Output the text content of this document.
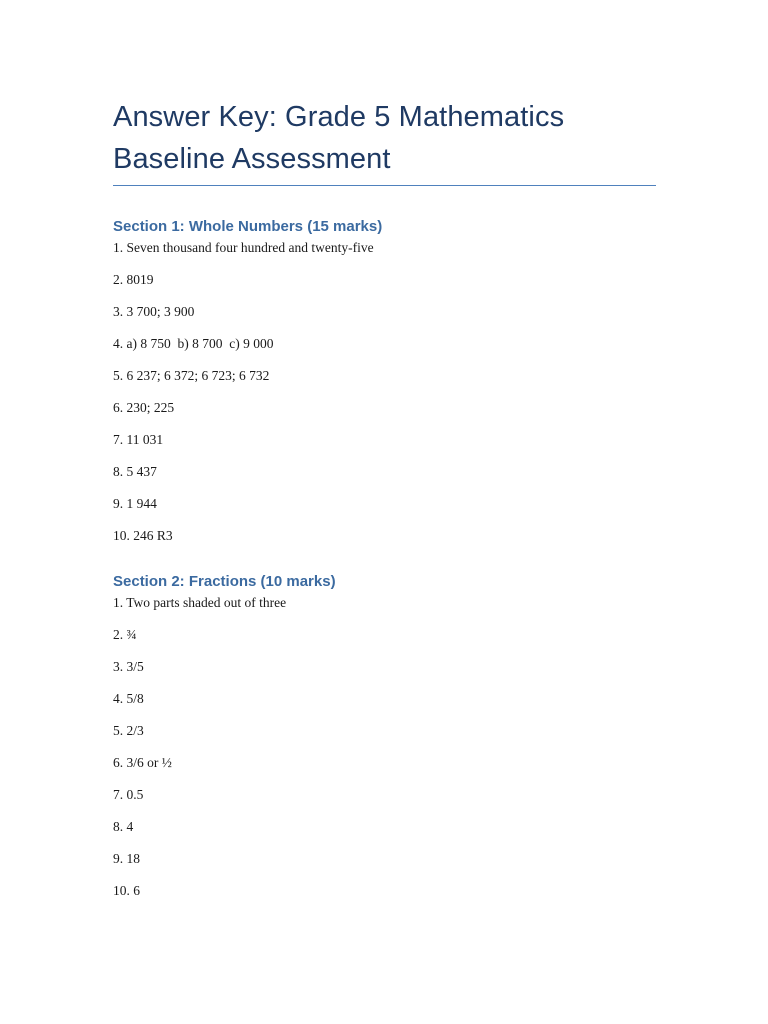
Answer Key: Grade 5 Mathematics
Baseline Assessment
Section 1: Whole Numbers (15 marks)
1. Seven thousand four hundred and twenty-five
2. 8019
3. 3 700; 3 900
4. a) 8 750  b) 8 700  c) 9 000
5. 6 237; 6 372; 6 723; 6 732
6. 230; 225
7. 11 031
8. 5 437
9. 1 944
10. 246 R3
Section 2: Fractions (10 marks)
1. Two parts shaded out of three
2. ¾
3. 3/5
4. 5/8
5. 2/3
6. 3/6 or ½
7. 0.5
8. 4
9. 18
10. 6
